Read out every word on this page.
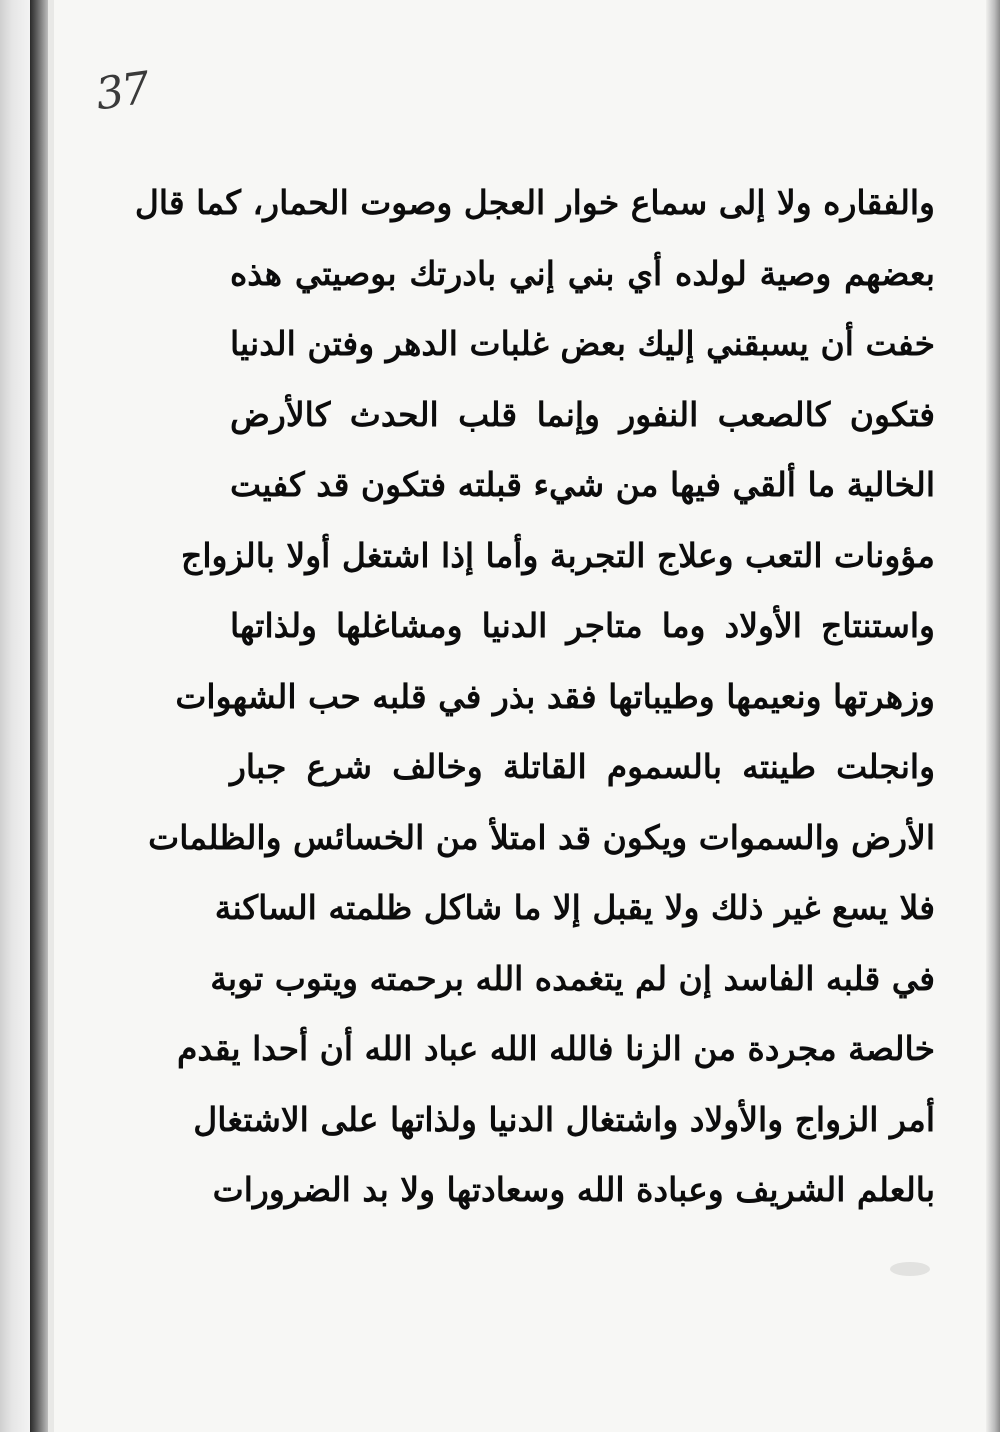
37
والفقاره ولا إلى سماع خوار العجل وصوت الحمار، كما قال
بعضهم وصية لولده أي بني إني بادرتك بوصيتي هذه
خفت أن يسبقني إليك بعض غلبات الدهر وفتن الدنيا
فتكون كالصعب النفور وإنما قلب الحدث كالأرض
الخالية ما ألقي فيها من شيء قبلته فتكون قد كفيت
مؤونات التعب وعلاج التجربة وأما إذا اشتغل أولا بالزواج
واستنتاج الأولاد وما متاجر الدنيا ومشاغلها ولذاتها
وزهرتها ونعيمها وطيباتها فقد بذر في قلبه حب الشهوات
وانجلت طينته بالسموم القاتلة وخالف شرع جبار
الأرض والسموات ويكون قد امتلأ من الخسائس والظلمات
فلا يسع غير ذلك ولا يقبل إلا ما شاكل ظلمته الساكنة
في قلبه الفاسد إن لم يتغمده الله برحمته ويتوب توبة
خالصة مجردة من الزنا فالله الله عباد الله أن أحدا يقدم
أمر الزواج والأولاد واشتغال الدنيا ولذاتها على الاشتغال
بالعلم الشريف وعبادة الله وسعادتها ولا بد الضرورات
